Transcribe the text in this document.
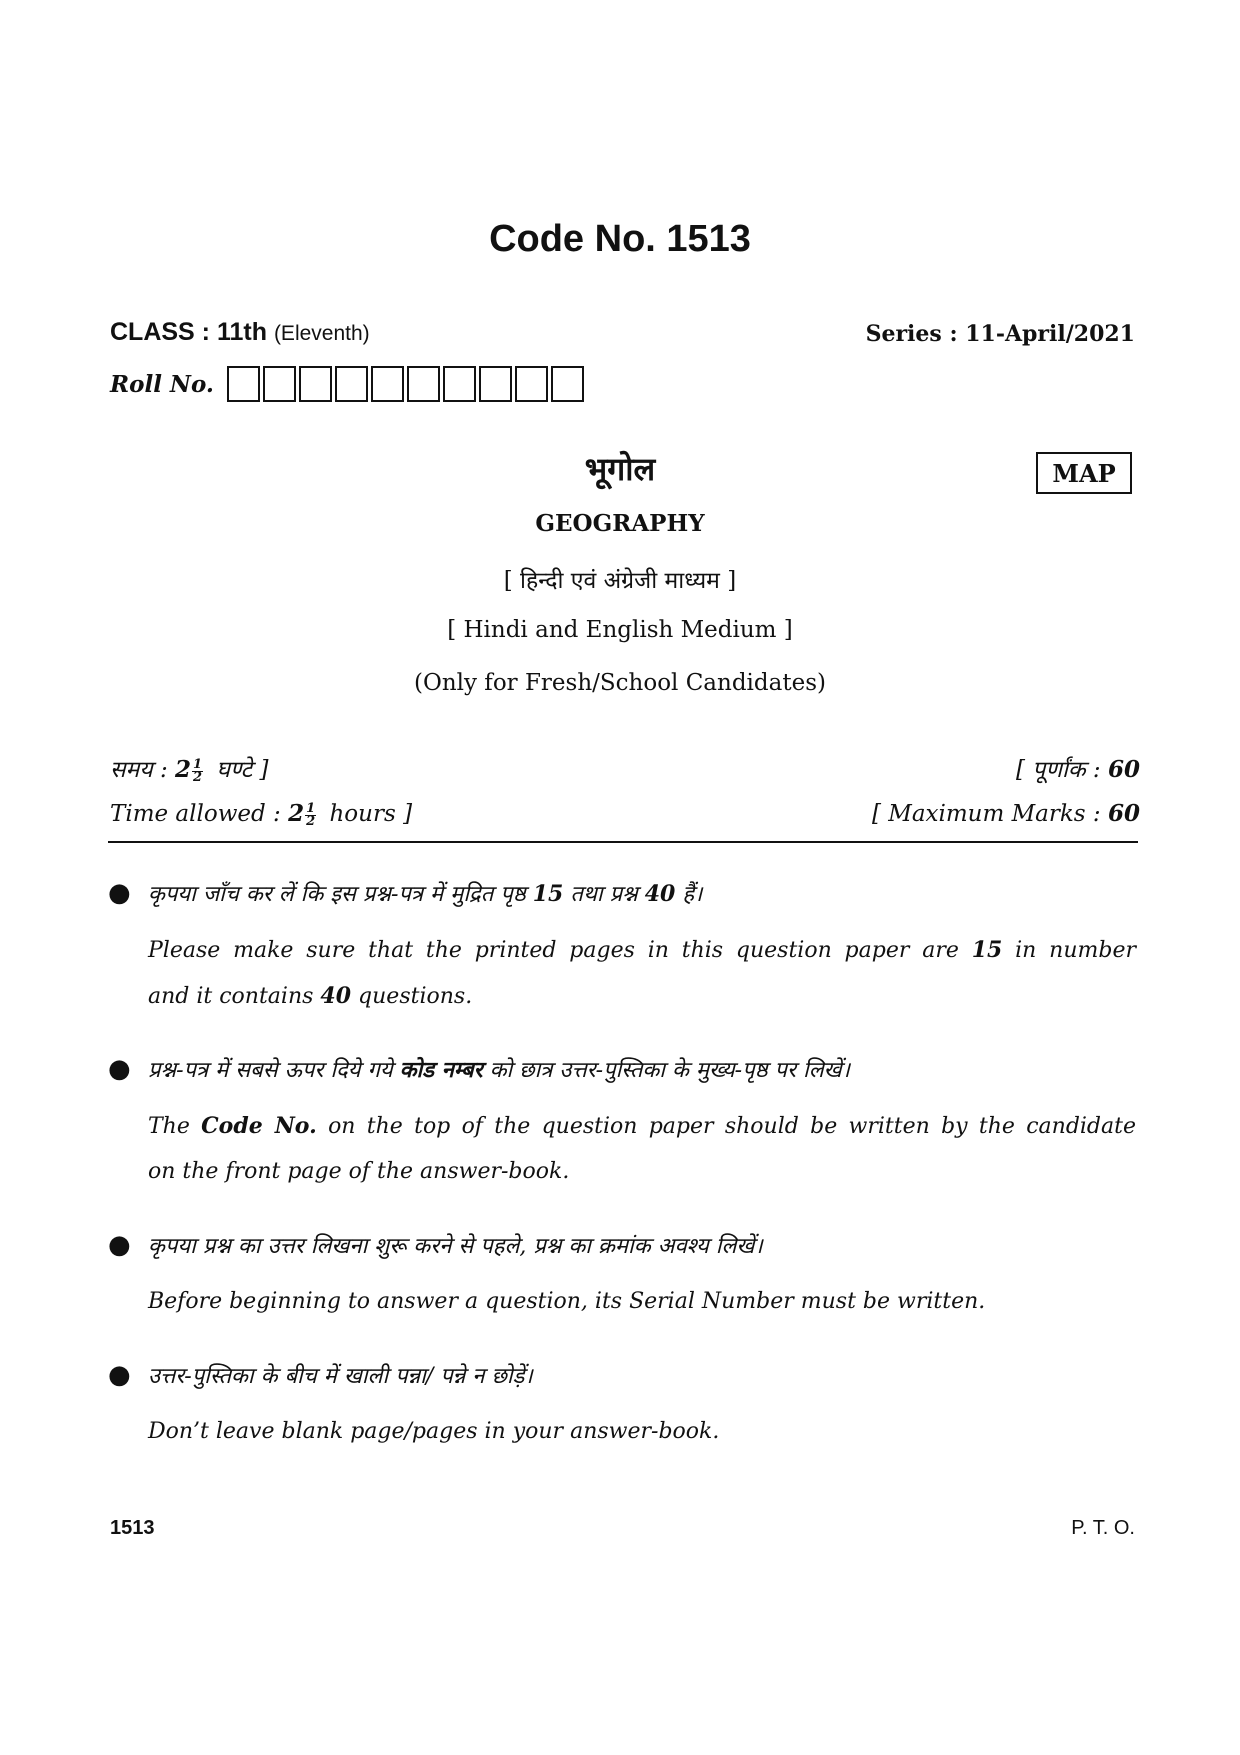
Code No. 1513
CLASS : 11th (Eleventh)	Series : 11-April/2021
Roll No.
भूगोल	MAP
GEOGRAPHY
[ हिन्दी एवं अंग्रेजी माध्यम ]
[ Hindi and English Medium ]
(Only for Fresh/School Candidates)
समय : $2 \frac{1}{2}$ घण्टे ]	[ पूर्णांक : 60
Time allowed : $2 \frac{1}{2}$ hours ]	[ Maximum Marks : 60
● कृपया जाँच कर लें कि इस प्रश्न-पत्र में मुद्रित पृष्ठ 15 तथा प्रश्न 40 हैं।
Please make sure that the printed pages in this question paper are 15 in number
and it contains 40 questions.
● प्रश्न-पत्र में सबसे ऊपर दिये गये कोड नम्बर को छात्र उत्तर-पुस्तिका के मुख्य-पृष्ठ पर लिखें।
The Code No. on the top of the question paper should be written by the candidate
on the front page of the answer-book.
● कृपया प्रश्न का उत्तर लिखना शुरू करने से पहले, प्रश्न का क्रमांक अवश्य लिखें।
Before beginning to answer a question, its Serial Number must be written.
● उत्तर-पुस्तिका के बीच में खाली पन्ना/ पन्ने न छोड़ें।
Don’t leave blank page/pages in your answer-book.
1513	P. T. O.
